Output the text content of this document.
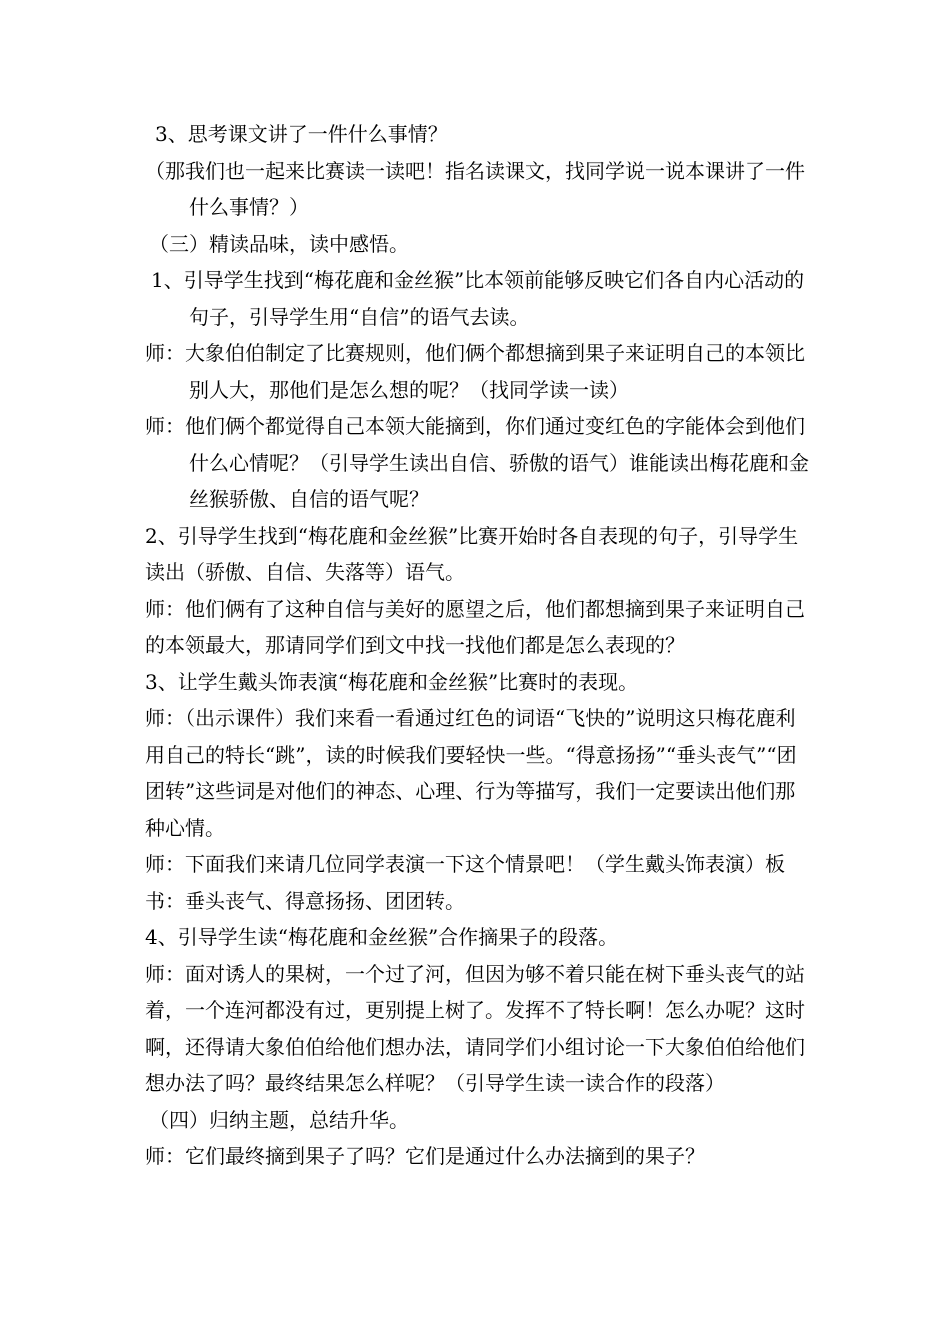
3、思考课文讲了一件什么事情？

（那我们也一起来比赛读一读吧！指名读课文，找同学说一说本课讲了一件什么事情？）

（三）精读品味，读中感悟。

1、引导学生找到“梅花鹿和金丝猴”比本领前能够反映它们各自内心活动的句子，引导学生用“自信”的语气去读。

师：大象伯伯制定了比赛规则，他们俩个都想摘到果子来证明自己的本领比别人大，那他们是怎么想的呢？（找同学读一读）

师：他们俩个都觉得自己本领大能摘到，你们通过变红色的字能体会到他们什么心情呢？（引导学生读出自信、骄傲的语气）谁能读出梅花鹿和金丝猴骄傲、自信的语气呢？

2、引导学生找到“梅花鹿和金丝猴”比赛开始时各自表现的句子，引导学生读出（骄傲、自信、失落等）语气。

师：他们俩有了这种自信与美好的愿望之后，他们都想摘到果子来证明自己的本领最大，那请同学们到文中找一找他们都是怎么表现的？

3、让学生戴头饰表演“梅花鹿和金丝猴”比赛时的表现。

师：（出示课件）我们来看一看通过红色的词语“飞快的”说明这只梅花鹿利用自己的特长“跳”，读的时候我们要轻快一些。“得意扬扬”“垂头丧气”“团团转”这些词是对他们的神态、心理、行为等描写，我们一定要读出他们那种心情。

师：下面我们来请几位同学表演一下这个情景吧！（学生戴头饰表演）板书：垂头丧气、得意扬扬、团团转。

4、引导学生读“梅花鹿和金丝猴”合作摘果子的段落。

师：面对诱人的果树，一个过了河，但因为够不着只能在树下垂头丧气的站着，一个连河都没有过，更别提上树了。发挥不了特长啊！怎么办呢？这时啊，还得请大象伯伯给他们想办法，请同学们小组讨论一下大象伯伯给他们想办法了吗？最终结果怎么样呢？（引导学生读一读合作的段落）

（四）归纳主题，总结升华。

师：它们最终摘到果子了吗？它们是通过什么办法摘到的果子？
